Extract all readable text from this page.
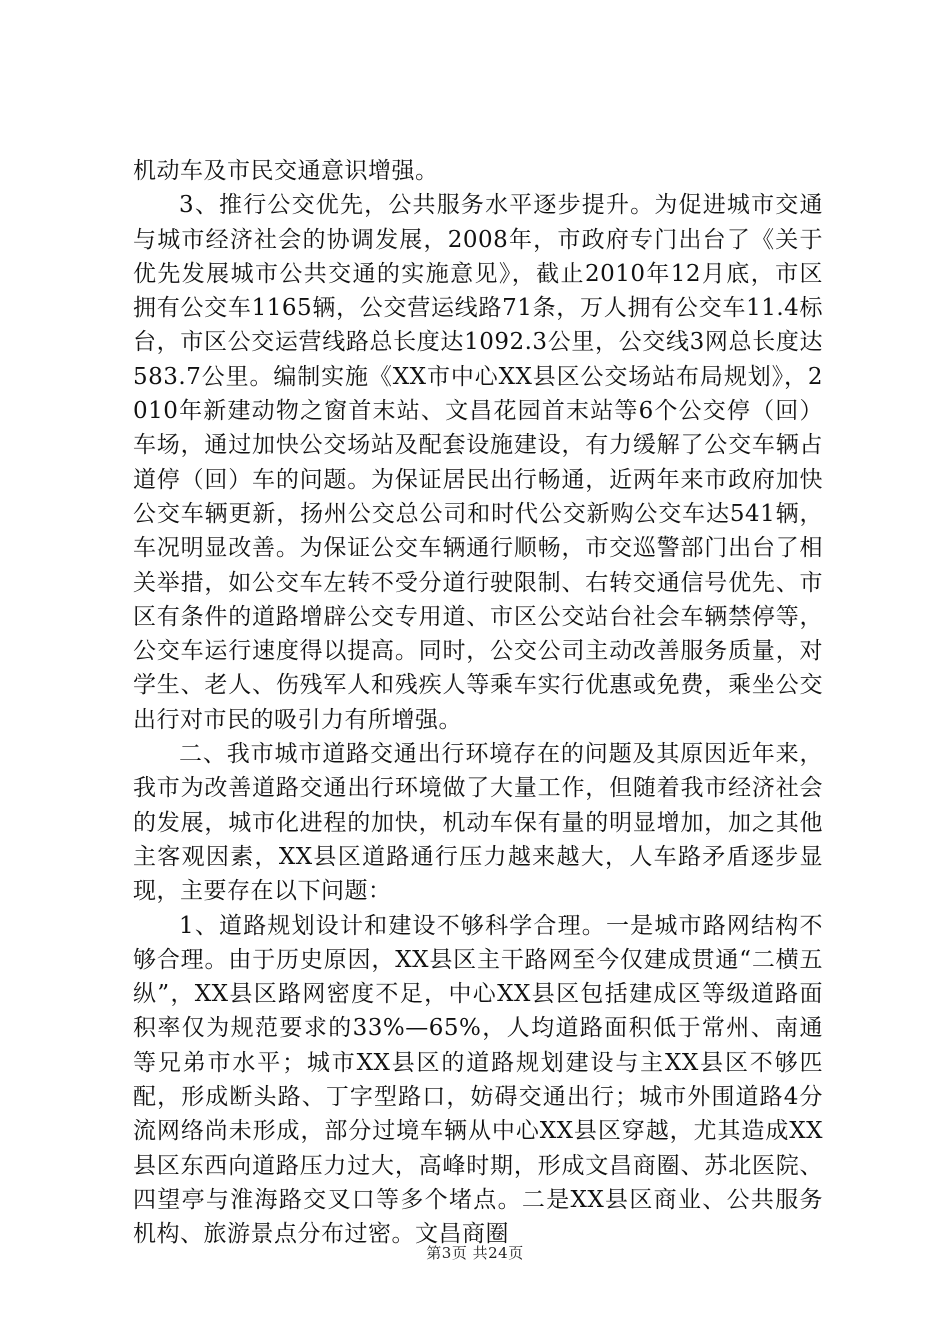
机动车及市民交通意识增强。

3、推行公交优先，公共服务水平逐步提升。为促进城市交通与城市经济社会的协调发展，2008年，市政府专门出台了《关于优先发展城市公共交通的实施意见》，截止2010年12月底，市区拥有公交车1165辆，公交营运线路71条，万人拥有公交车11.4标台，市区公交运营线路总长度达1092.3公里，公交线3网总长度达583.7公里。编制实施《XX市中心XX县区公交场站布局规划》，2010年新建动物之窗首末站、文昌花园首末站等6个公交停（回）车场，通过加快公交场站及配套设施建设，有力缓解了公交车辆占道停（回）车的问题。为保证居民出行畅通，近两年来市政府加快公交车辆更新，扬州公交总公司和时代公交新购公交车达541辆，车况明显改善。为保证公交车辆通行顺畅，市交巡警部门出台了相关举措，如公交车左转不受分道行驶限制、右转交通信号优先、市区有条件的道路增辟公交专用道、市区公交站台社会车辆禁停等，公交车运行速度得以提高。同时，公交公司主动改善服务质量，对学生、老人、伤残军人和残疾人等乘车实行优惠或免费，乘坐公交出行对市民的吸引力有所增强。

二、我市城市道路交通出行环境存在的问题及其原因近年来，我市为改善道路交通出行环境做了大量工作，但随着我市经济社会的发展，城市化进程的加快，机动车保有量的明显增加，加之其他主客观因素，XX县区道路通行压力越来越大，人车路矛盾逐步显现，主要存在以下问题：

1、道路规划设计和建设不够科学合理。一是城市路网结构不够合理。由于历史原因，XX县区主干路网至今仅建成贯通“二横五纵”，XX县区路网密度不足，中心XX县区包括建成区等级道路面积率仅为规范要求的33%—65%，人均道路面积低于常州、南通等兄弟市水平；城市XX县区的道路规划建设与主XX县区不够匹配，形成断头路、丁字型路口，妨碍交通出行；城市外围道路4分流网络尚未形成，部分过境车辆从中心XX县区穿越，尤其造成XX县区东西向道路压力过大，高峰时期，形成文昌商圈、苏北医院、四望亭与淮海路交叉口等多个堵点。二是XX县区商业、公共服务机构、旅游景点分布过密。文昌商圈

第3页 共24页
